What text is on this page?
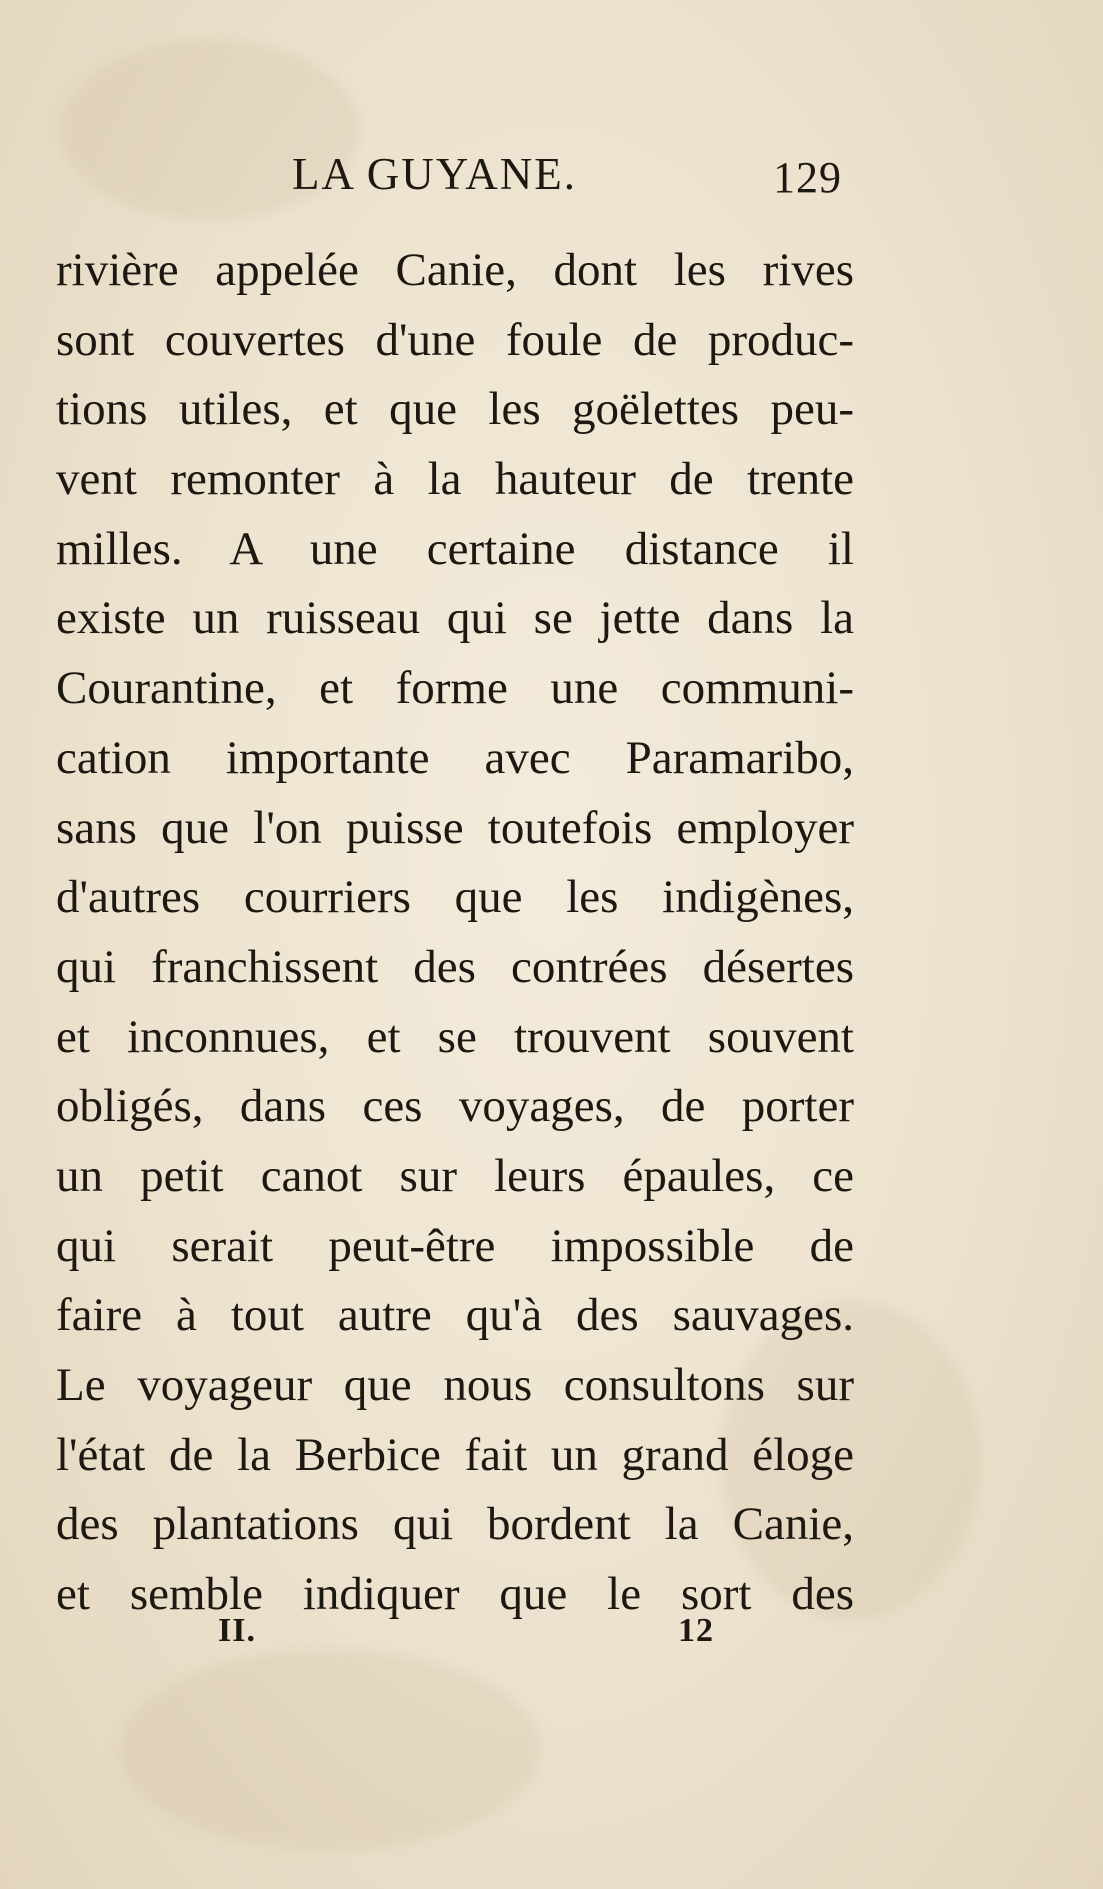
LA GUYANE.	129
rivière appelée Canie, dont les rives
sont couvertes d'une foule de produc-
tions utiles, et que les goëlettes peu-
vent remonter à la hauteur de trente
milles. A une certaine distance il
existe un ruisseau qui se jette dans la
Courantine, et forme une communi-
cation importante avec Paramaribo,
sans que l'on puisse toutefois employer
d'autres courriers que les indigènes,
qui franchissent des contrées désertes
et inconnues, et se trouvent souvent
obligés, dans ces voyages, de porter
un petit canot sur leurs épaules, ce
qui serait peut-être impossible de
faire à tout autre qu'à des sauvages.
Le voyageur que nous consultons sur
l'état de la Berbice fait un grand éloge
des plantations qui bordent la Canie,
et semble indiquer que le sort des
II.	12
